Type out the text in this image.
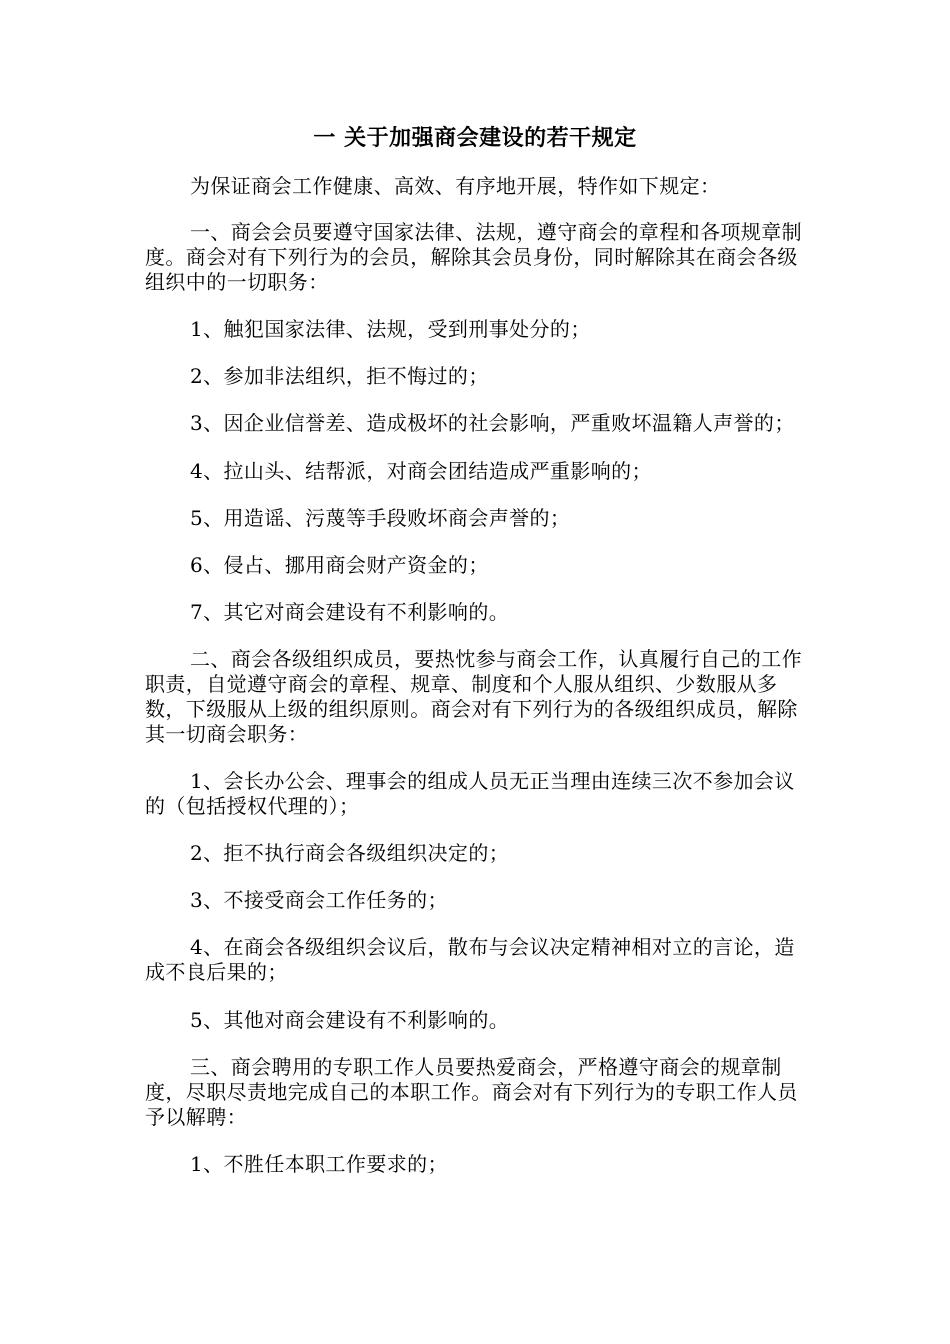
一 关于加强商会建设的若干规定

为保证商会工作健康、高效、有序地开展，特作如下规定：

一、商会会员要遵守国家法律、法规，遵守商会的章程和各项规章制度。商会对有下列行为的会员，解除其会员身份，同时解除其在商会各级组织中的一切职务：

1、触犯国家法律、法规，受到刑事处分的；

2、参加非法组织，拒不悔过的；

3、因企业信誉差、造成极坏的社会影响，严重败坏温籍人声誉的；

4、拉山头、结帮派，对商会团结造成严重影响的；

5、用造谣、污蔑等手段败坏商会声誉的；

6、侵占、挪用商会财产资金的；

7、其它对商会建设有不利影响的。

二、商会各级组织成员，要热忱参与商会工作，认真履行自己的工作职责，自觉遵守商会的章程、规章、制度和个人服从组织、少数服从多数，下级服从上级的组织原则。商会对有下列行为的各级组织成员，解除其一切商会职务：

1、会长办公会、理事会的组成人员无正当理由连续三次不参加会议的（包括授权代理的）；

2、拒不执行商会各级组织决定的；

3、不接受商会工作任务的；

4、在商会各级组织会议后，散布与会议决定精神相对立的言论，造成不良后果的；

5、其他对商会建设有不利影响的。

三、商会聘用的专职工作人员要热爱商会，严格遵守商会的规章制度，尽职尽责地完成自己的本职工作。商会对有下列行为的专职工作人员予以解聘：

1、不胜任本职工作要求的；
